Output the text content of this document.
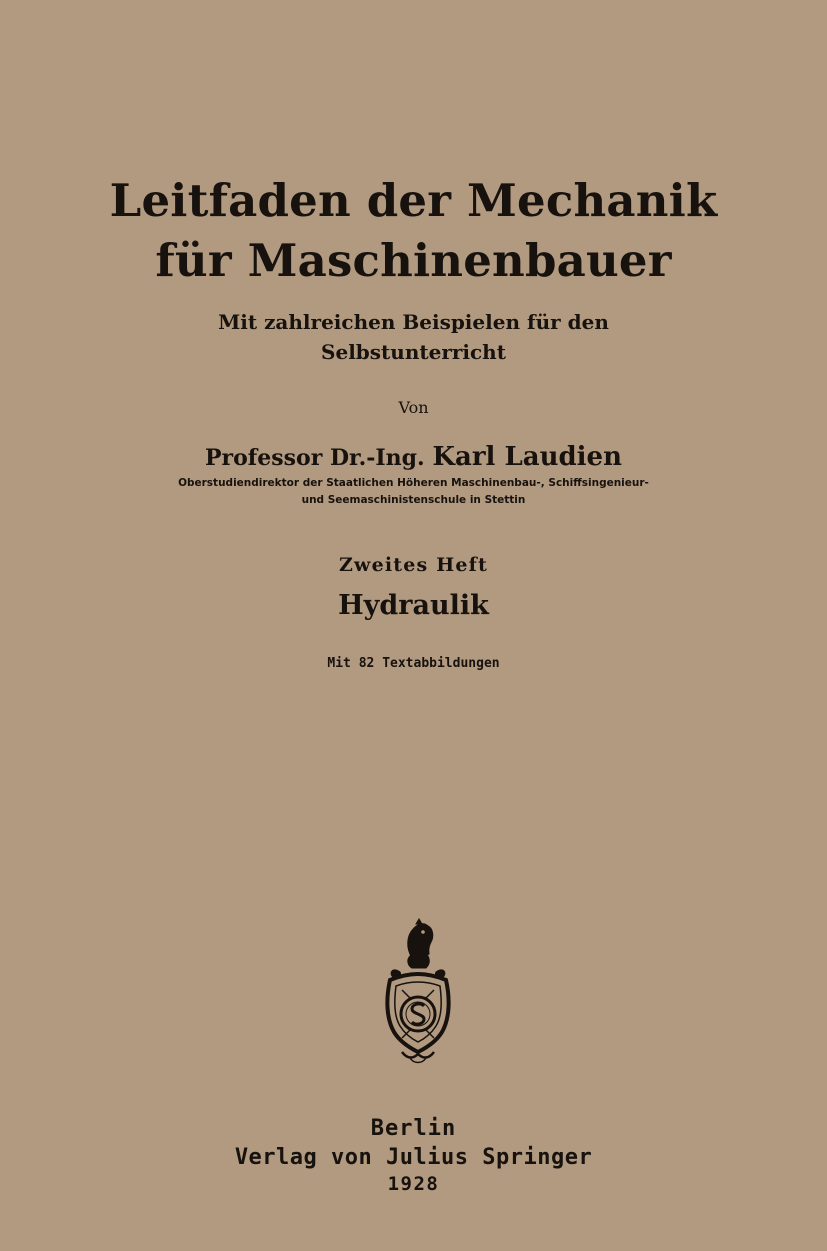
Leitfaden der Mechanik
für Maschinenbauer
Mit zahlreichen Beispielen für den
Selbstunterricht
Von
Professor Dr.-Ing. Karl Laudien
Oberstudiendirektor der Staatlichen Höheren Maschinenbau-, Schiffsingenieur-
und Seemaschinistenschule in Stettin
Zweites Heft
Hydraulik
Mit 82 Textabbildungen
Berlin
Verlag von Julius Springer
1928
